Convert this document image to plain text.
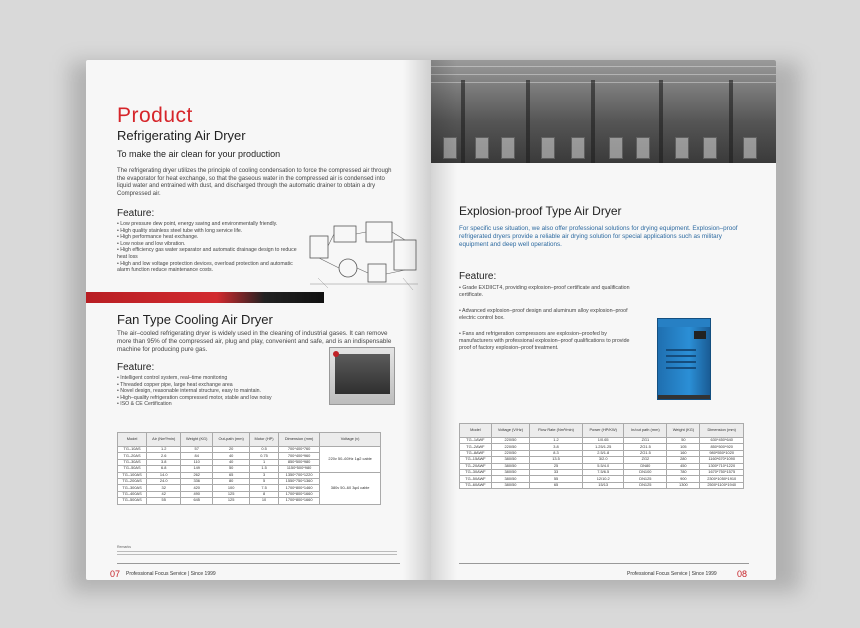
Product
Refrigerating Air Dryer
To make the air clean for your production
The refrigerating dryer utilizes the principle of cooling condensation to force the compressed air through the evaporator for heat exchange, so that the gaseous water in the compressed air is condensed into liquid water and entrained with dust, and discharged through the automatic drainer to obtain a dry Compressed air.
Feature:
• Low pressure dew point, energy saving and environmentally friendly.
• High quality stainless steel tube with long service life.
• High performance heat exchange.
• Low noise and low vibration.
• High efficiency gas water separator and automatic drainage design to reduce heat loss
• High and low voltage protection devices, overload protection and automatic alarm function reduce maintenance costs.
Fan Type Cooling Air Dryer
The air–cooled refrigerating dryer is widely used in the cleaning of industrial gases. It can remove more than 95% of the compressed air, plug and play, convenient and safe, and is an indispensable machine for producing pure gas.
Feature:
• Intelligent control system, real–time monitoring
• Threaded copper pipe, large heat exchange area
• Novel design, reasonable internal structure, easy to maintain.
• High–quality refrigeration compressed motor, stable and low noisy
• ISO & CE Certification
Model	Air (Nm³/min)	Weight (KG)	Out-path (mm)	Motor (HP)	Dimension (mm)	Voltage (v)
TG–10AS	1.2	57	20	0.5	700*400*760	220v 50–60Hz 1φ2 cable
TG–20AS	2.6	84	40	0.75	700*400*960	
TG–30AS	3.8	110	40	1	850*500*980	
TG–50AS	6.8	149	50	1.5	1150*500*980	
TG–100AS	14.0	262	65	3	1350*700*1220	380v 50–60 3φ4 cable
TG–200AS	24.0	336	80	5	1550*750*1360	
TG–300AS	32	420	100	7.5	1700*800*1460	
TG–400AS	42	490	125	8	1700*800*1660	
TG–500AS	55	645	125	10	1700*800*1660	
Remarks
07 Professional Focus Service | Since 1999
Explosion-proof Type Air Dryer
For specific use situation, we also offer professional solutions for drying equipment. Explosion–proof refrigerated dryers provide a reliable air drying solution for special applications such as military equipment and deep well operations.
Feature:
• Grade EXDIICT4, providing explosion–proof certificate and qualification certificate.
• Advanced explosion–proof design and aluminum alloy explosion–proof electric control box.
• Fans and refrigeration compressors are explosion–proofed by manufacturers with professional explosion–proof qualifications to provide proof of factory explosion–proof treatment.
Model	Voltage (V/Hz)	Flow Rate (Nm³/min)	Power (HP/KW)	In/out path (mm)	Weight (KG)	Dimension (mm)
TG–1AWF	220/50	1.2	1/0.65	ZG1	50	630*450*640
TG–2AWF	220/50	3.8	1.25/1.25	ZG1.5	105	850*500*920
TG–8AWF	220/50	8.3	2.5/1.8	ZG1.5	160	980*550*1020
TG–15AWF	380/50	13.5	3/2.0	ZG2	280	1160*670*1090
TG–20AWF	380/50	25	5.5/4.0	DN80	450	1300*710*1220
TG–30AWF	380/50	33	7.5/6.5	DN100	780	1670*750*1575
TG–50AWF	380/50	55	12/10.2	DN125	900	2300*1050*1910
TG–60AWF	380/50	65	15/13	DN125	1300	2500*1100*1940
Professional Focus Service | Since 1999 08
